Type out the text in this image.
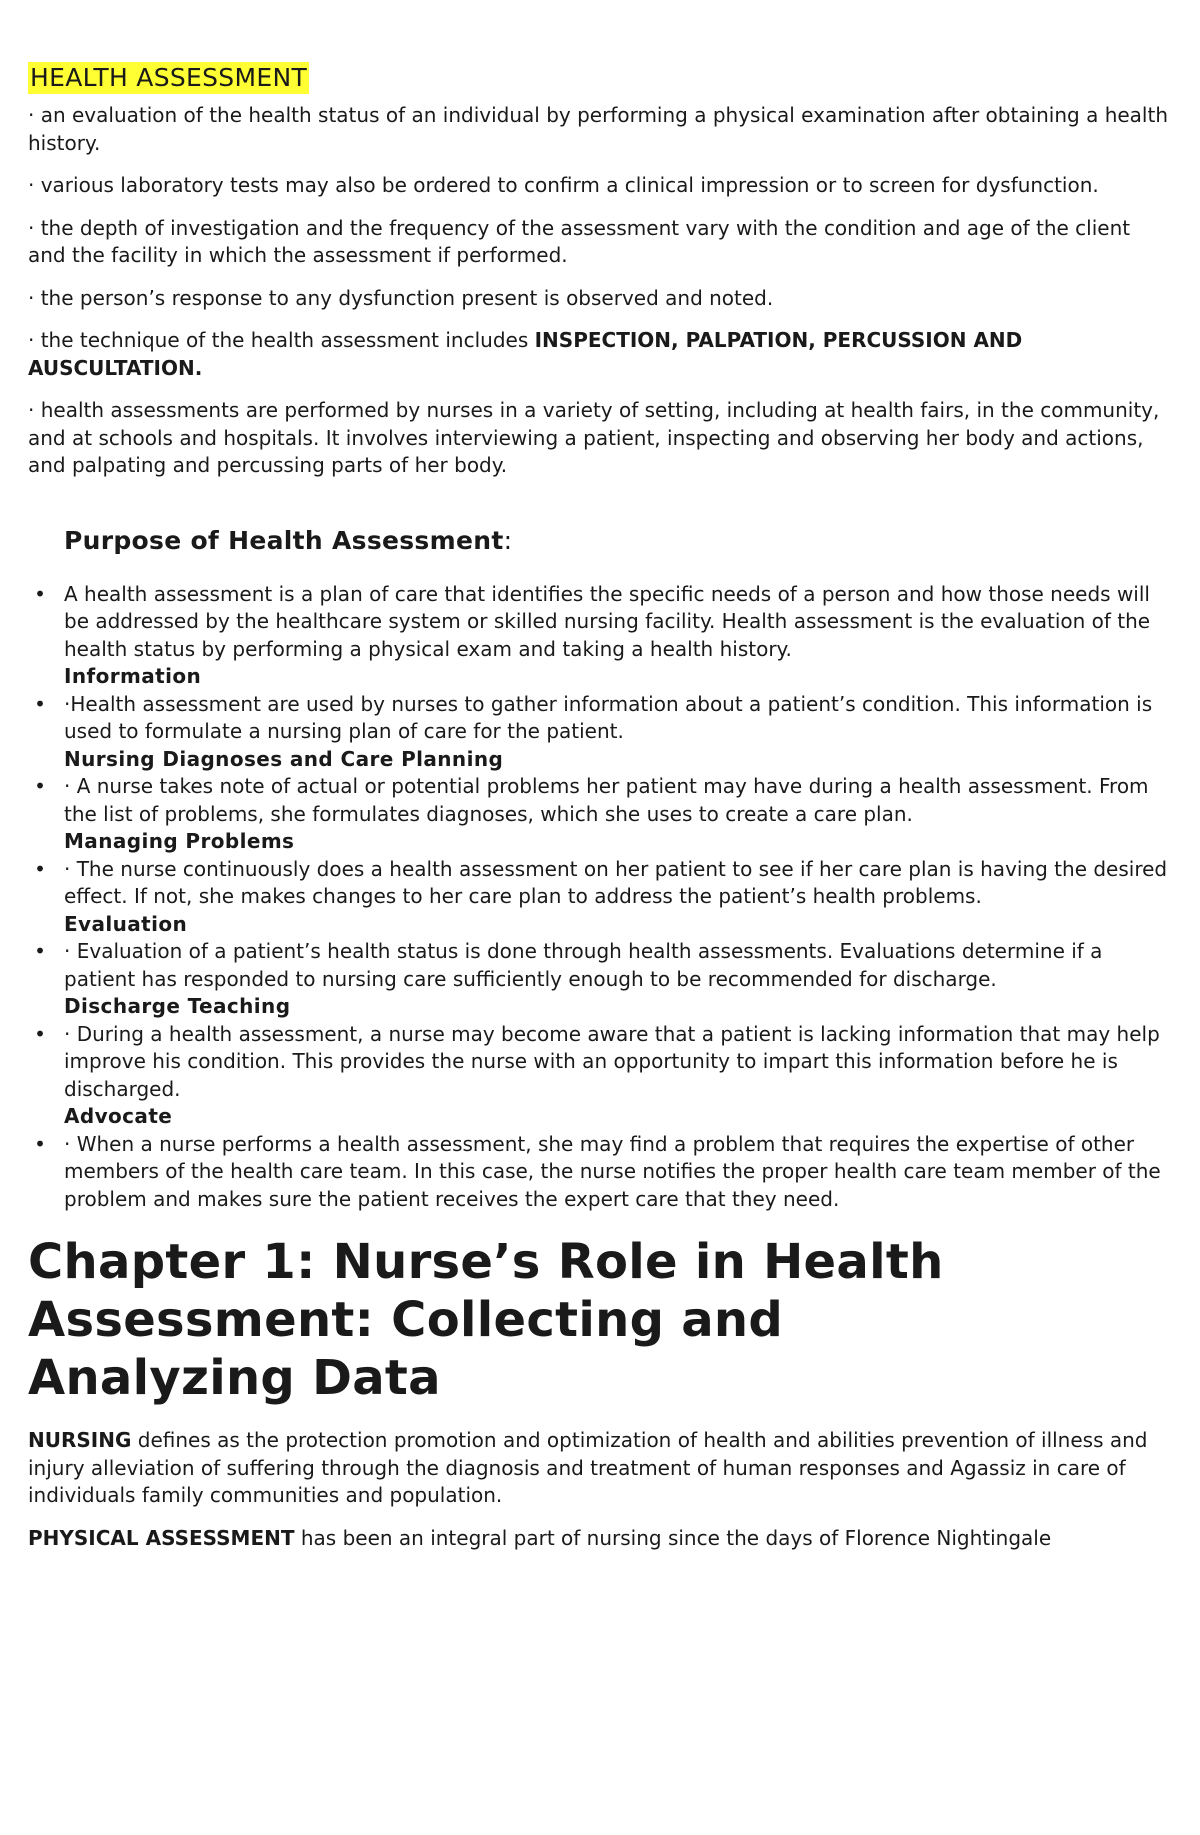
HEALTH ASSESSMENT

· an evaluation of the health status of an individual by performing a physical examination after obtaining a health history.

· various laboratory tests may also be ordered to confirm a clinical impression or to screen for dysfunction.

· the depth of investigation and the frequency of the assessment vary with the condition and age of the client and the facility in which the assessment if performed.

· the person’s response to any dysfunction present is observed and noted.

· the technique of the health assessment includes INSPECTION, PALPATION, PERCUSSION AND AUSCULTATION.

· health assessments are performed by nurses in a variety of setting, including at health fairs, in the community, and at schools and hospitals. It involves interviewing a patient, inspecting and observing her body and actions, and palpating and percussing parts of her body.

Purpose of Health Assessment:
• A health assessment is a plan of care that identifies the specific needs of a person and how those needs will be addressed by the healthcare system or skilled nursing facility. Health assessment is the evaluation of the health status by performing a physical exam and taking a health history.
Information
• ·Health assessment are used by nurses to gather information about a patient’s condition. This information is used to formulate a nursing plan of care for the patient.
Nursing Diagnoses and Care Planning
• · A nurse takes note of actual or potential problems her patient may have during a health assessment. From the list of problems, she formulates diagnoses, which she uses to create a care plan.
Managing Problems
• · The nurse continuously does a health assessment on her patient to see if her care plan is having the desired effect. If not, she makes changes to her care plan to address the patient’s health problems.
Evaluation
• · Evaluation of a patient’s health status is done through health assessments. Evaluations determine if a patient has responded to nursing care sufficiently enough to be recommended for discharge.
Discharge Teaching
• · During a health assessment, a nurse may become aware that a patient is lacking information that may help improve his condition. This provides the nurse with an opportunity to impart this information before he is discharged.
Advocate
• · When a nurse performs a health assessment, she may find a problem that requires the expertise of other members of the health care team. In this case, the nurse notifies the proper health care team member of the problem and makes sure the patient receives the expert care that they need.
Chapter 1: Nurse’s Role in Health Assessment: Collecting and Analyzing Data

NURSING defines as the protection promotion and optimization of health and abilities prevention of illness and injury alleviation of suffering through the diagnosis and treatment of human responses and Agassiz in care of individuals family communities and population.

PHYSICAL ASSESSMENT has been an integral part of nursing since the days of Florence Nightingale
